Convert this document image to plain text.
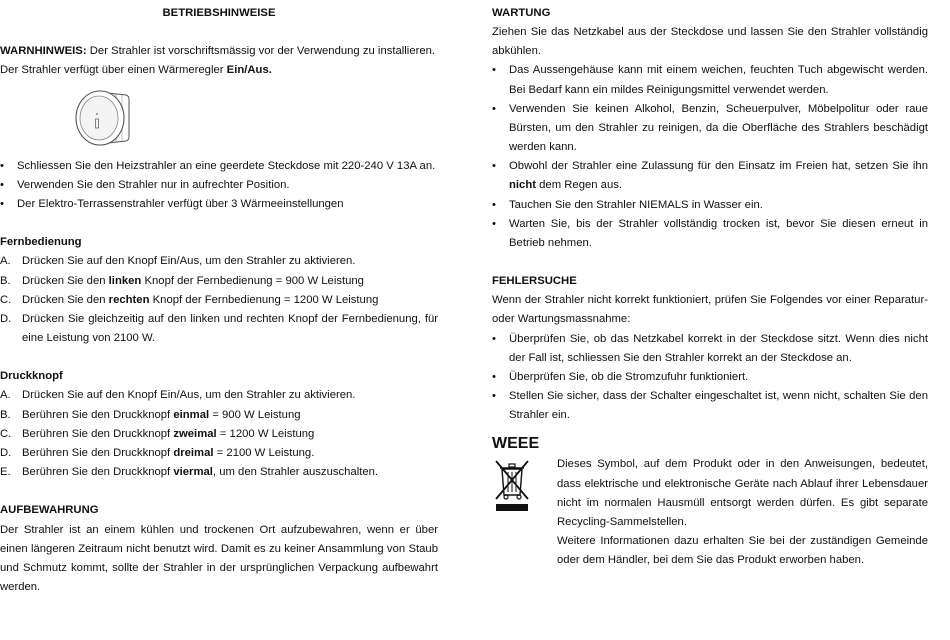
BETRIEBSHINWEISE

WARNHINWEIS: Der Strahler ist vorschriftsmässig vor der Verwendung zu installieren.

Der Strahler verfügt über einen Wärmeregler Ein/Aus.

• Schliessen Sie den Heizstrahler an eine geerdete Steckdose mit 220-240 V 13A an.
• Verwenden Sie den Strahler nur in aufrechter Position.
• Der Elektro-Terrassenstrahler verfügt über 3 Wärmeeinstellungen

Fernbedienung

A. Drücken Sie auf den Knopf Ein/Aus, um den Strahler zu aktivieren.
B. Drücken Sie den linken Knopf der Fernbedienung = 900 W Leistung
C. Drücken Sie den rechten Knopf der Fernbedienung = 1200 W Leistung
D. Drücken Sie gleichzeitig auf den linken und rechten Knopf der Fernbedienung, für eine Leistung von 2100 W.

Druckknopf

A. Drücken Sie auf den Knopf Ein/Aus, um den Strahler zu aktivieren.
B. Berühren Sie den Druckknopf einmal = 900 W Leistung
C. Berühren Sie den Druckknopf zweimal = 1200 W Leistung
D. Berühren Sie den Druckknopf dreimal = 2100 W Leistung.
E. Berühren Sie den Druckknopf viermal, um den Strahler auszuschalten.

AUFBEWAHRUNG

Der Strahler ist an einem kühlen und trockenen Ort aufzubewahren, wenn er über einen längeren Zeitraum nicht benutzt wird. Damit es zu keiner Ansammlung von Staub und Schmutz kommt, sollte der Strahler in der ursprünglichen Verpackung aufbewahrt werden.

WARTUNG

Ziehen Sie das Netzkabel aus der Steckdose und lassen Sie den Strahler vollständig abkühlen.

• Das Aussengehäuse kann mit einem weichen, feuchten Tuch abgewischt werden. Bei Bedarf kann ein mildes Reinigungsmittel verwendet werden.
• Verwenden Sie keinen Alkohol, Benzin, Scheuerpulver, Möbelpolitur oder raue Bürsten, um den Strahler zu reinigen, da die Oberfläche des Strahlers beschädigt werden kann.
• Obwohl der Strahler eine Zulassung für den Einsatz im Freien hat, setzen Sie ihn nicht dem Regen aus.
• Tauchen Sie den Strahler NIEMALS in Wasser ein.
• Warten Sie, bis der Strahler vollständig trocken ist, bevor Sie diesen erneut in Betrieb nehmen.

FEHLERSUCHE

Wenn der Strahler nicht korrekt funktioniert, prüfen Sie Folgendes vor einer Reparatur- oder Wartungsmassnahme:

• Überprüfen Sie, ob das Netzkabel korrekt in der Steckdose sitzt. Wenn dies nicht der Fall ist, schliessen Sie den Strahler korrekt an der Steckdose an.
• Überprüfen Sie, ob die Stromzufuhr funktioniert.
• Stellen Sie sicher, dass der Schalter eingeschaltet ist, wenn nicht, schalten Sie den Strahler ein.

WEEE

Dieses Symbol, auf dem Produkt oder in den Anweisungen, bedeutet, dass elektrische und elektronische Geräte nach Ablauf ihrer Lebensdauer nicht im normalen Hausmüll entsorgt werden dürfen. Es gibt separate Recycling-Sammelstellen.

Weitere Informationen dazu erhalten Sie bei der zuständigen Gemeinde oder dem Händler, bei dem Sie das Produkt erworben haben.
